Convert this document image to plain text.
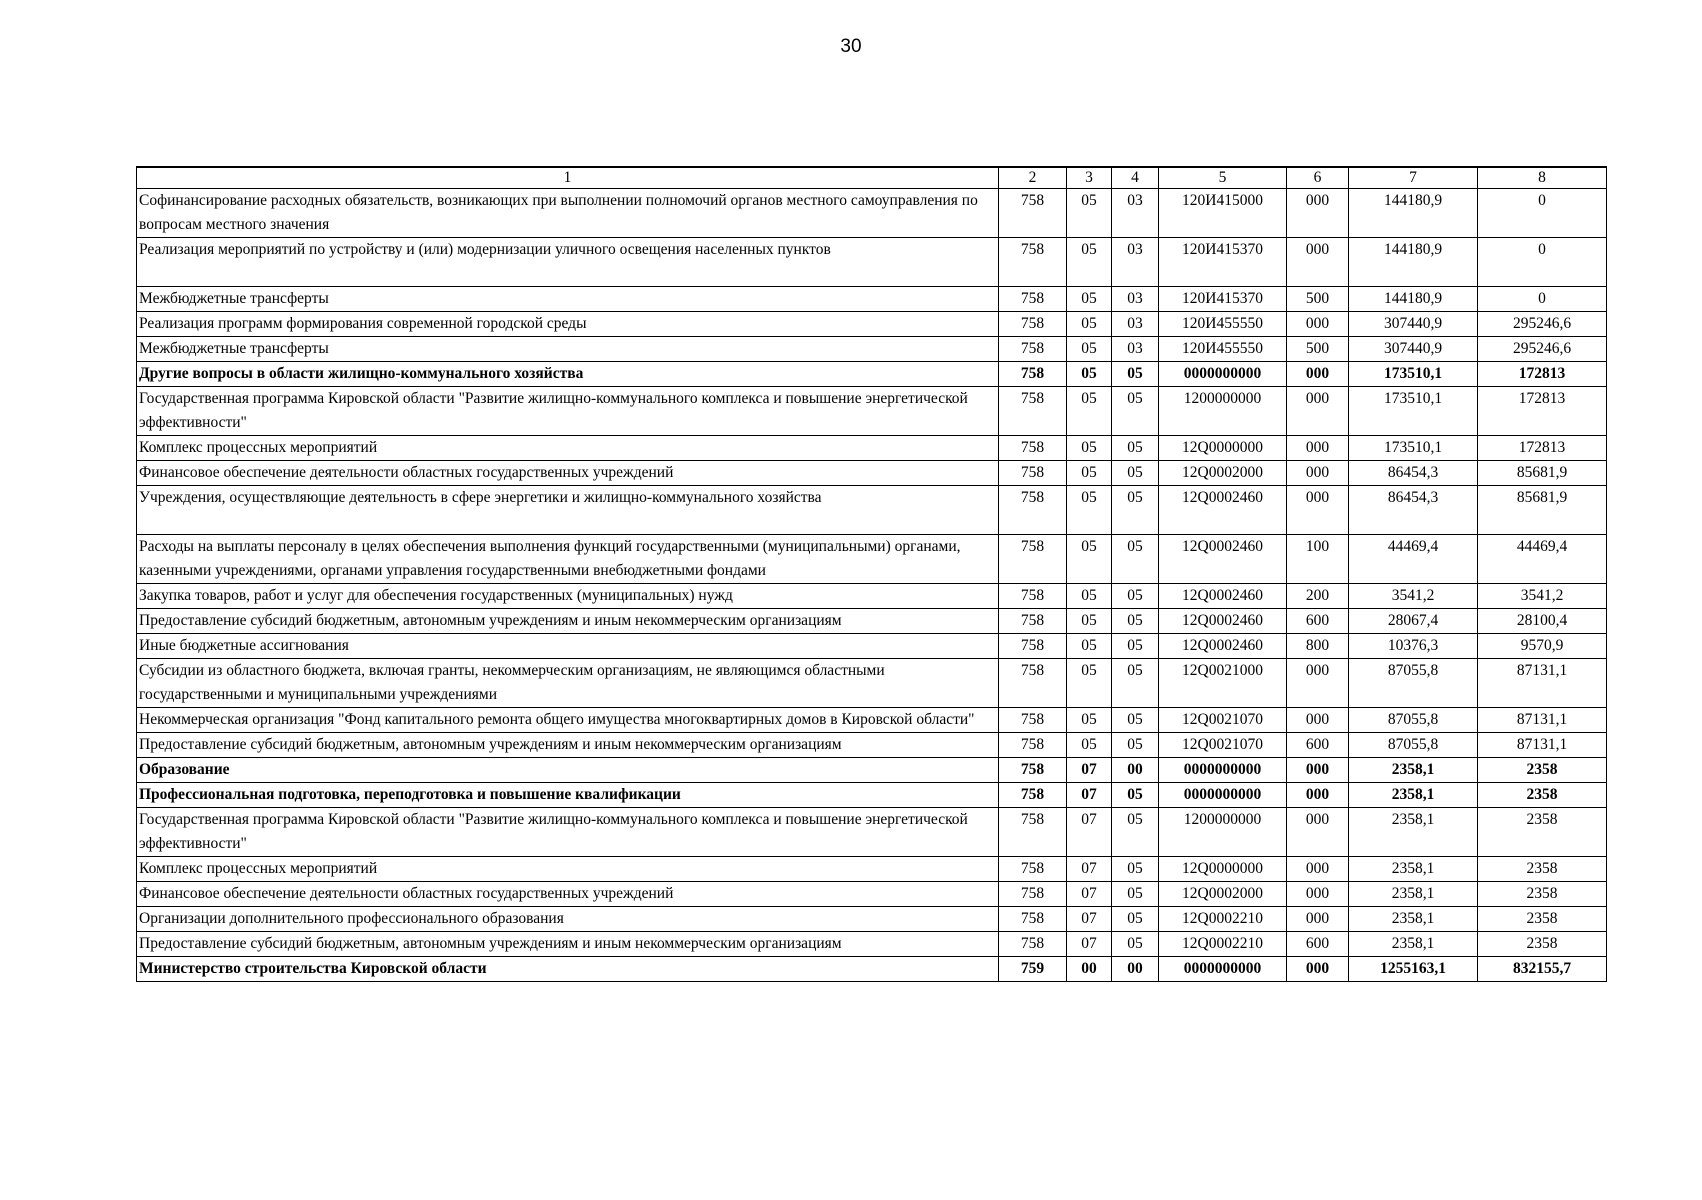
30
1	2	3	4	5	6	7	8
Софинансирование расходных обязательств, возникающих при выполнении полномочий органов местного самоуправления по вопросам местного значения	758	05	03	120И415000	000	144180,9	0
Реализация мероприятий по устройству и (или) модернизации уличного освещения населенных пунктов	758	05	03	120И415370	000	144180,9	0
Межбюджетные трансферты	758	05	03	120И415370	500	144180,9	0
Реализация программ формирования современной городской среды	758	05	03	120И455550	000	307440,9	295246,6
Межбюджетные трансферты	758	05	03	120И455550	500	307440,9	295246,6
Другие вопросы в области жилищно-коммунального хозяйства	758	05	05	0000000000	000	173510,1	172813
Государственная программа Кировской области "Развитие жилищно-коммунального комплекса и повышение энергетической эффективности"	758	05	05	1200000000	000	173510,1	172813
Комплекс процессных мероприятий	758	05	05	12Q0000000	000	173510,1	172813
Финансовое обеспечение деятельности областных государственных учреждений	758	05	05	12Q0002000	000	86454,3	85681,9
Учреждения, осуществляющие деятельность в сфере энергетики и жилищно-коммунального хозяйства	758	05	05	12Q0002460	000	86454,3	85681,9
Расходы на выплаты персоналу в целях обеспечения выполнения функций государственными (муниципальными) органами, казенными учреждениями, органами управления государственными внебюджетными фондами	758	05	05	12Q0002460	100	44469,4	44469,4
Закупка товаров, работ и услуг для обеспечения государственных (муниципальных) нужд	758	05	05	12Q0002460	200	3541,2	3541,2
Предоставление субсидий бюджетным, автономным учреждениям и иным некоммерческим организациям	758	05	05	12Q0002460	600	28067,4	28100,4
Иные бюджетные ассигнования	758	05	05	12Q0002460	800	10376,3	9570,9
Субсидии из областного бюджета, включая гранты, некоммерческим организациям, не являющимся областными государственными и муниципальными учреждениями	758	05	05	12Q0021000	000	87055,8	87131,1
Некоммерческая организация "Фонд капитального ремонта общего имущества многоквартирных домов в Кировской области"	758	05	05	12Q0021070	000	87055,8	87131,1
Предоставление субсидий бюджетным, автономным учреждениям и иным некоммерческим организациям	758	05	05	12Q0021070	600	87055,8	87131,1
Образование	758	07	00	0000000000	000	2358,1	2358
Профессиональная подготовка, переподготовка и повышение квалификации	758	07	05	0000000000	000	2358,1	2358
Государственная программа Кировской области "Развитие жилищно-коммунального комплекса и повышение энергетической эффективности"	758	07	05	1200000000	000	2358,1	2358
Комплекс процессных мероприятий	758	07	05	12Q0000000	000	2358,1	2358
Финансовое обеспечение деятельности областных государственных учреждений	758	07	05	12Q0002000	000	2358,1	2358
Организации дополнительного профессионального образования	758	07	05	12Q0002210	000	2358,1	2358
Предоставление субсидий бюджетным, автономным учреждениям и иным некоммерческим организациям	758	07	05	12Q0002210	600	2358,1	2358
Министерство строительства Кировской области	759	00	00	0000000000	000	1255163,1	832155,7
